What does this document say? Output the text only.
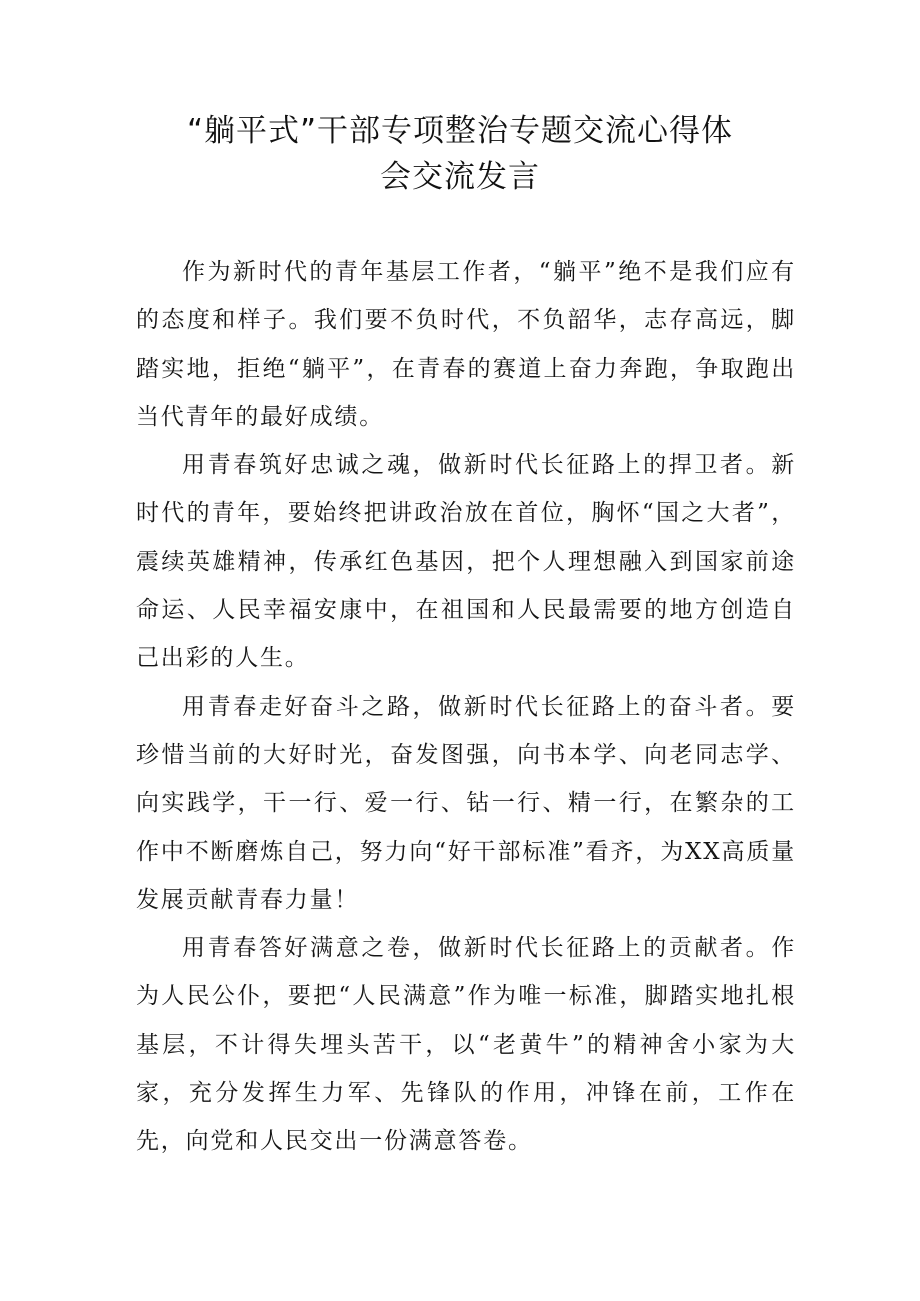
“躺平式”干部专项整治专题交流心得体
会交流发言

作为新时代的青年基层工作者，“躺平”绝不是我们应有的态度和样子。我们要不负时代，不负韶华，志存高远，脚踏实地，拒绝“躺平”，在青春的赛道上奋力奔跑，争取跑出当代青年的最好成绩。

用青春筑好忠诚之魂，做新时代长征路上的捍卫者。新时代的青年，要始终把讲政治放在首位，胸怀“国之大者”，震续英雄精神，传承红色基因，把个人理想融入到国家前途命运、人民幸福安康中，在祖国和人民最需要的地方创造自己出彩的人生。

用青春走好奋斗之路，做新时代长征路上的奋斗者。要珍惜当前的大好时光，奋发图强，向书本学、向老同志学、向实践学，干一行、爱一行、钻一行、精一行，在繁杂的工作中不断磨炼自己，努力向“好干部标准”看齐，为XX高质量发展贡献青春力量！

用青春答好满意之卷，做新时代长征路上的贡献者。作为人民公仆，要把“人民满意”作为唯一标准，脚踏实地扎根基层，不计得失埋头苦干，以“老黄牛”的精神舍小家为大家，充分发挥生力军、先锋队的作用，冲锋在前，工作在先，向党和人民交出一份满意答卷。
